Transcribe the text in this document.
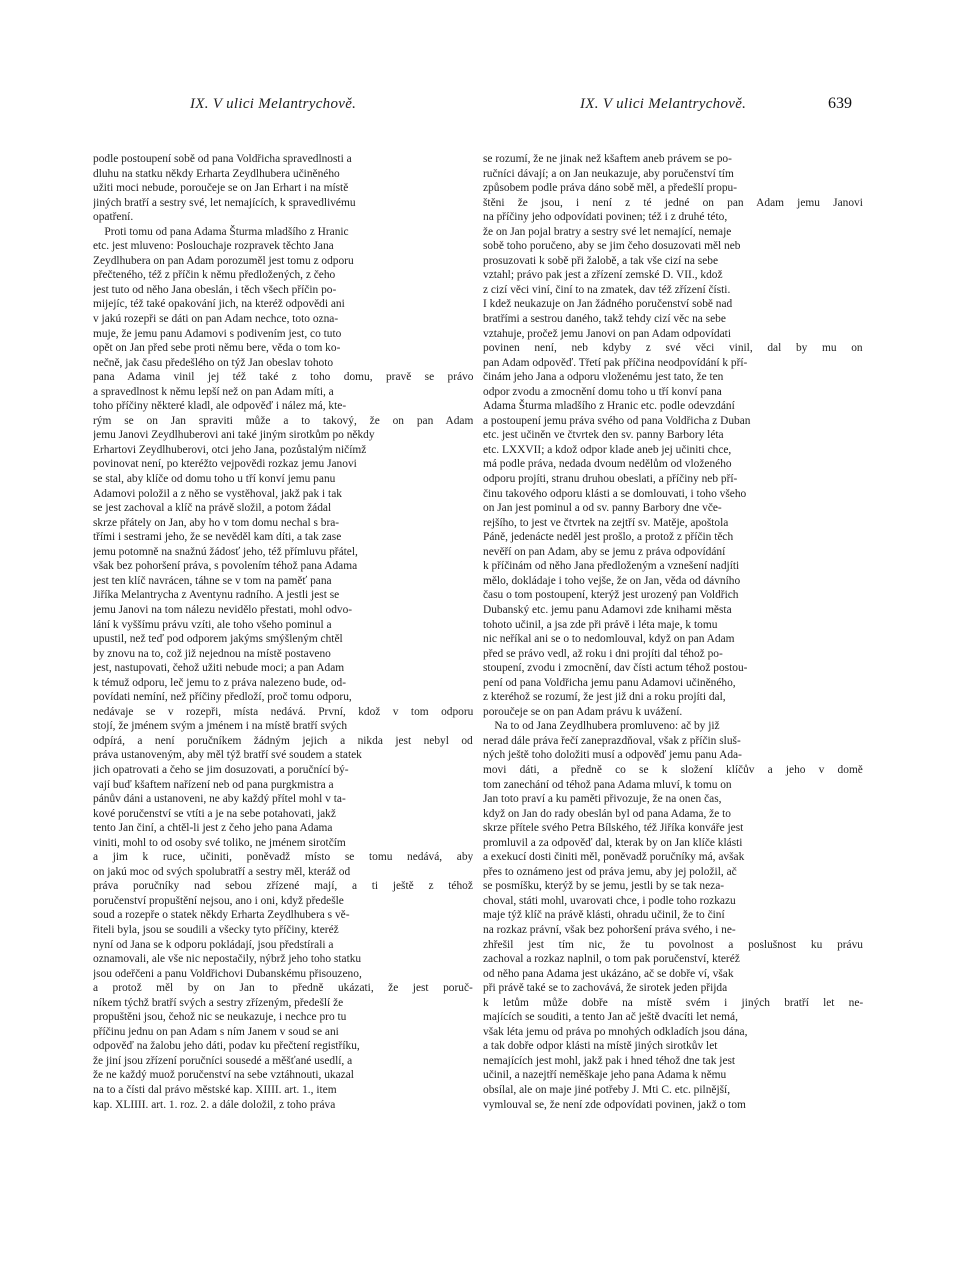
IX. V ulici Melantrychově.	IX. V ulici Melantrychově.	639
podle postoupení sobě od pana Voldřicha spravedlnosti a
dluhu na statku někdy Erharta Zeydlhubera učiněného
užiti moci nebude, poroučeje se on Jan Erhart i na místě
jiných bratří a sestry své, let nemajících, k spravedlivému
opatření.
Proti tomu od pana Adama Šturma mladšího z Hranic
etc. jest mluveno: Poslouchaje rozpravek těchto Jana
Zeydlhubera on pan Adam porozuměl jest tomu z odporu
přečteného, též z příčin k němu předložených, z čeho
jest tuto od něho Jana obeslán, i těch všech příčin po-
mijejíc, též také opakování jich, na kteréž odpovědi ani
v jakú rozepři se dáti on pan Adam nechce, toto ozna-
muje, že jemu panu Adamovi s podivením jest, co tuto
opět on Jan před sebe proti němu bere, věda o tom ko-
nečně, jak času předešlého on týž Jan obeslav tohoto
pana Adama vinil jej též také z toho domu, pravě se právo
a spravedlnost k němu lepší než on pan Adam míti, a
toho příčiny některé kladl, ale odpověď i nález má, kte-
rým se on Jan spraviti může a to takový, že on pan Adam
jemu Janovi Zeydlhuberovi ani také jiným sirotkům po někdy
Erhartovi Zeydlhuberovi, otci jeho Jana, pozůstalým ničímž
povinovat není, po kteréžto vejpovědi rozkaz jemu Janovi
se stal, aby klíče od domu toho u tří konví jemu panu
Adamovi položil a z něho se vystěhoval, jakž pak i tak
se jest zachoval a klíč na právě složil, a potom žádal
skrze přátely on Jan, aby ho v tom domu nechal s bra-
třími i sestrami jeho, že se nevěděl kam díti, a tak zase
jemu potomně na snažnú žádosť jeho, též přímluvu přátel,
však bez pohoršení práva, s povolením téhož pana Adama
jest ten klíč navrácen, táhne se v tom na paměť pana
Jiříka Melantrycha z Aventynu radního. A jestli jest se
jemu Janovi na tom nálezu nevidělo přestati, mohl odvo-
lání k vyššímu právu vzíti, ale toho všeho pominul a
upustil, než teď pod odporem jakýms smýšleným chtěl
by znovu na to, což již nejednou na místě postaveno
jest, nastupovati, čehož užiti nebude moci; a pan Adam
k témuž odporu, leč jemu to z práva nalezeno bude, od-
povídati nemíní, než příčiny předloží, proč tomu odporu,
nedávaje se v rozepři, místa nedává. První, kdož v tom odporu
stojí, že jménem svým a jménem i na místě bratří svých
odpírá, a není poručníkem žádným jejich a nikda jest nebyl od
práva ustanoveným, aby měl týž bratří své soudem a statek
jich opatrovati a čeho se jim dosuzovati, a poručnící bý-
vají buď kšaftem nařízení neb od pana purgkmistra a
pánův dáni a ustanoveni, ne aby každý přítel mohl v ta-
kové poručenství se vtíti a je na sebe potahovati, jakž
tento Jan činí, a chtěl-li jest z čeho jeho pana Adama
viniti, mohl to od osoby své toliko, ne jménem sirotčím
a jim k ruce, učiniti, poněvadž místo se tomu nedává, aby
on jakú moc od svých spolubratří a sestry měl, kteráž od
práva poručníky nad sebou zřízené mají, a ti ještě z téhož
poručenství propuštění nejsou, ano i oni, když předešle
soud a rozepře o statek někdy Erharta Zeydlhubera s vě-
řiteli byla, jsou se soudili a všecky tyto příčiny, kteréž
nyní od Jana se k odporu pokládají, jsou předstírali a
oznamovali, ale vše nic nepostačily, nýbrž jeho toho statku
jsou odeřčeni a panu Voldřichovi Dubanskému přisouzeno,
a protož měl by on Jan to předně ukázati, že jest poruč-
níkem týchž bratří svých a sestry zřízeným, předešlí že
propuštěni jsou, čehož nic se neukazuje, i nechce pro tu
příčinu jednu on pan Adam s ním Janem v soud se ani
odpověď na žalobu jeho dáti, podav ku přečtení registříku,
že jiní jsou zřízení poručníci sousedé a měšťané usedlí, a
že ne každý muož poručenství na sebe vztáhnouti, ukazal
na to a čísti dal právo městské kap. XIIII. art. 1., item
kap. XLIIII. art. 1. roz. 2. a dále doložil, z toho práva
se rozumí, že ne jinak než kšaftem aneb právem se po-
ručníci dávají; a on Jan neukazuje, aby poručenství tím
způsobem podle práva dáno sobě měl, a předešlí propu-
štěni že jsou, i není z té jedné on pan Adam jemu Janovi
na příčiny jeho odpovídati povinen; též i z druhé této,
že on Jan pojal bratry a sestry své let nemající, nemaje
sobě toho poručeno, aby se jim čeho dosuzovati měl neb
prosuzovati k sobě při žalobě, a tak vše cizí na sebe
vztahl; právo pak jest a zřízení zemské D. VII., kdož
z cizí věci viní, činí to na zmatek, dav též zřízení čísti.
I kdež neukazuje on Jan žádného poručenství sobě nad
bratřími a sestrou daného, takž tehdy cizí věc na sebe
vztahuje, pročež jemu Janovi on pan Adam odpovídati
povinen není, neb kdyby z své věci vinil, dal by mu on
pan Adam odpověď. Třetí pak příčina neodpovídání k pří-
činám jeho Jana a odporu vloženému jest tato, že ten
odpor zvodu a zmocnění domu toho u tří konví pana
Adama Šturma mladšího z Hranic etc. podle odevzdání
a postoupení jemu práva svého od pana Voldřicha z Duban
etc. jest učiněn ve čtvrtek den sv. panny Barbory léta
etc. LXXVII; a kdož odpor klade aneb jej učiniti chce,
má podle práva, nedada dvoum nedělům od vloženého
odporu projíti, stranu druhou obeslati, a příčiny neb pří-
činu takového odporu klásti a se domlouvati, i toho všeho
on Jan jest pominul a od sv. panny Barbory dne vče-
rejšího, to jest ve čtvrtek na zejtří sv. Matěje, apoštola
Páně, jedenácte neděl jest prošlo, a protož z příčin těch
nevěří on pan Adam, aby se jemu z práva odpovídání
k příčinám od něho Jana předloženým a vznešení nadjíti
mělo, dokládaje i toho vejše, že on Jan, věda od dávního
času o tom postoupení, kterýž jest urozený pan Voldřich
Dubanský etc. jemu panu Adamovi zde knihami města
tohoto učinil, a jsa zde při právě i léta maje, k tomu
nic neříkal ani se o to nedomlouval, když on pan Adam
před se právo vedl, až roku i dni projíti dal téhož po-
stoupení, zvodu i zmocnění, dav čísti actum téhož postou-
pení od pana Voldřicha jemu panu Adamovi učiněného,
z kteréhož se rozumí, že jest již dni a roku projíti dal,
poroučeje se on pan Adam právu k uvážení.
Na to od Jana Zeydlhubera promluveno: ač by již
nerad dále práva řečí zaneprazdňoval, však z příčin sluš-
ných ještě toho doložiti musí a odpověď jemu panu Ada-
movi dáti, a předně co se k složení klíčův a jeho v domě
tom zanechání od téhož pana Adama mluví, k tomu on
Jan toto praví a ku paměti přivozuje, že na onen čas,
když on Jan do rady obeslán byl od pana Adama, že to
skrze přítele svého Petra Bílského, též Jiříka konváře jest
promluvil a za odpověď dal, kterak by on Jan klíče klásti
a exekucí dosti činiti měl, poněvadž poručníky má, avšak
přes to oznámeno jest od práva jemu, aby jej položil, ač
se posmíšku, kterýž by se jemu, jestli by se tak neza-
choval, státi mohl, uvarovati chce, i podle toho rozkazu
maje týž klíč na právě klásti, ohradu učinil, že to činí
na rozkaz právní, však bez pohoršení práva svého, i ne-
zhřešil jest tím nic, že tu povolnost a poslušnost ku právu
zachoval a rozkaz naplnil, o tom pak poručenství, kteréž
od něho pana Adama jest ukázáno, ač se dobře ví, však
při právě také se to zachovává, že sirotek jeden přijda
k letům může dobře na místě svém i jiných bratří let ne-
majících se souditi, a tento Jan ač ještě dvacíti let nemá,
však léta jemu od práva po mnohých odkladích jsou dána,
a tak dobře odpor klásti na místě jiných sirotkův let
nemajících jest mohl, jakž pak i hned téhož dne tak jest
učinil, a nazejtří neměškaje jeho pana Adama k němu
obsílal, ale on maje jiné potřeby J. Mti C. etc. pilnější,
vymlouval se, že není zde odpovídati povinen, jakž o tom
